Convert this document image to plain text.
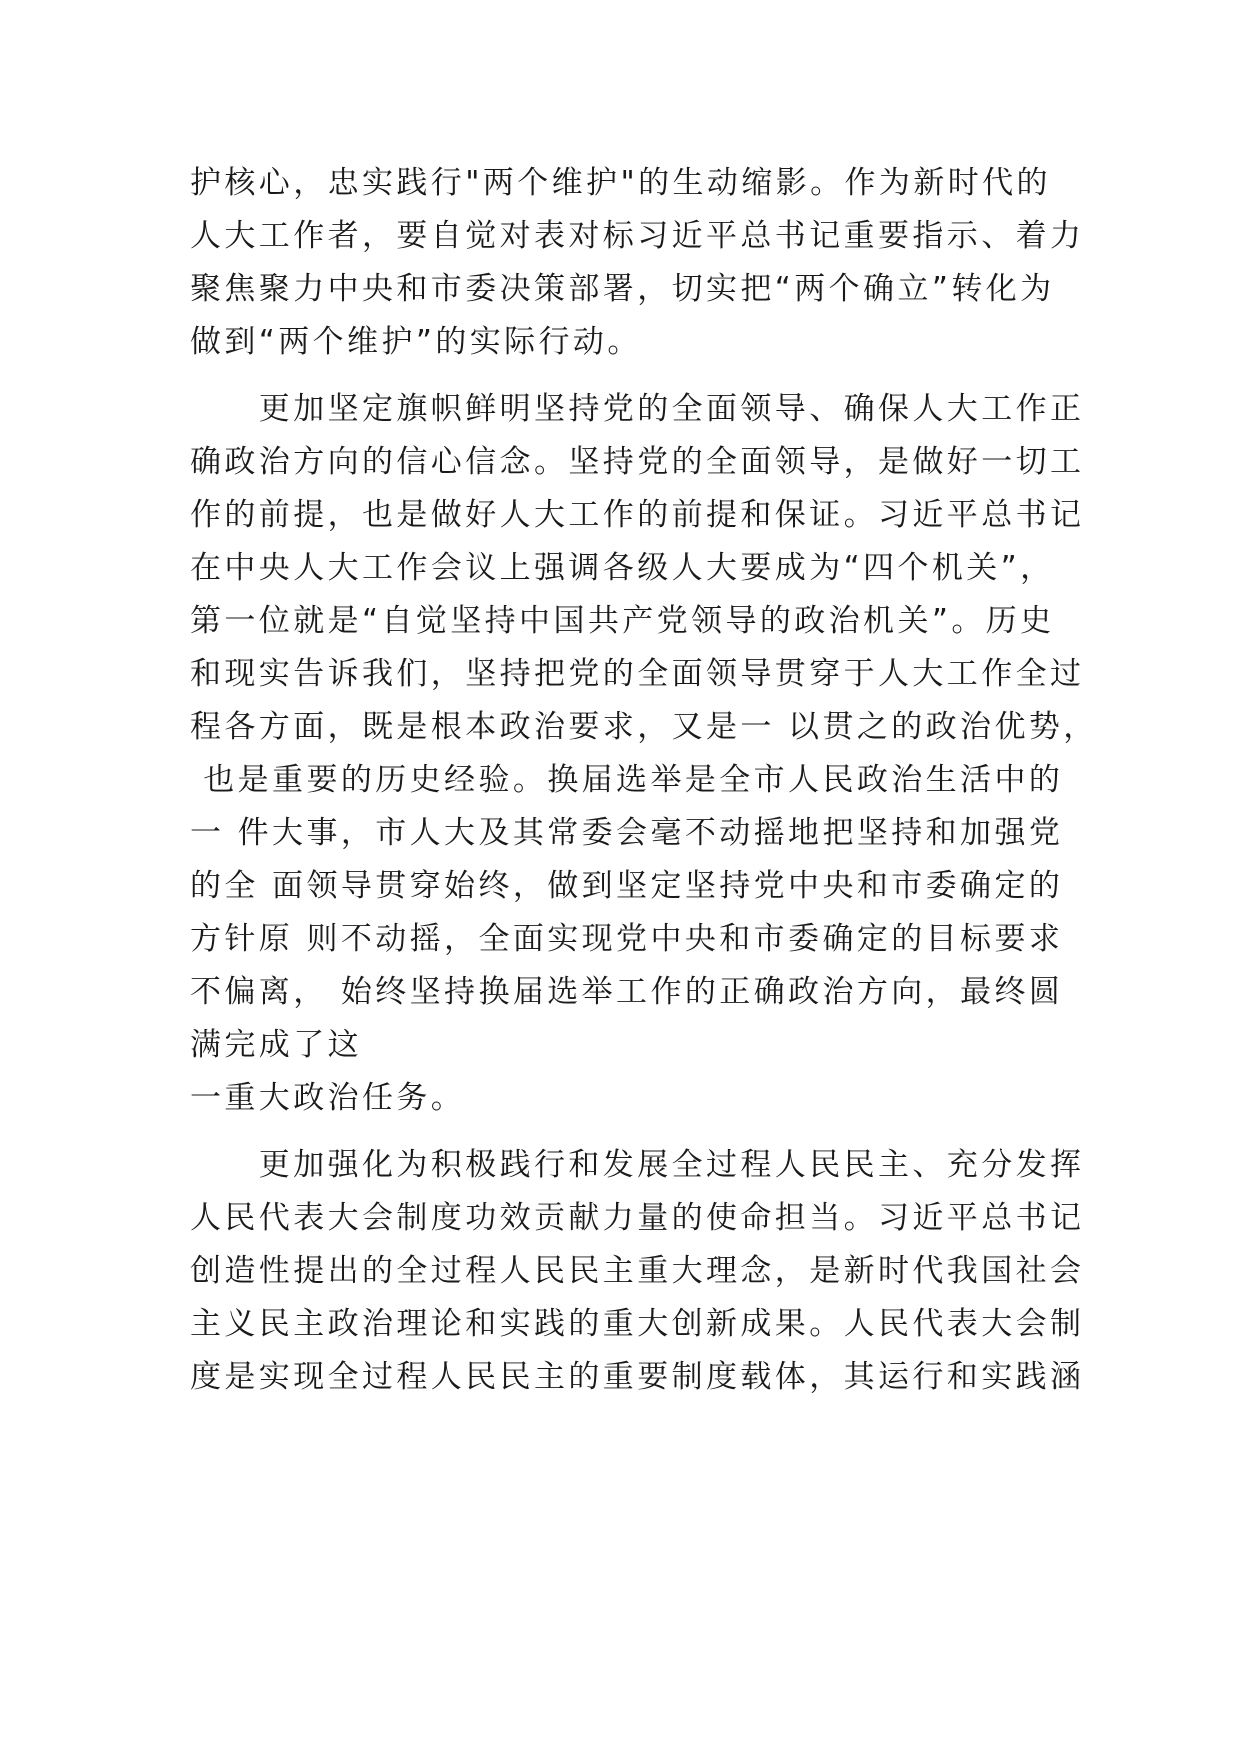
护核心，忠实践行"两个维护"的生动缩影。作为新时代的
人大工作者，要自觉对表对标习近平总书记重要指示、着力
聚焦聚力中央和市委决策部署，切实把“两个确立”转化为
做到“两个维护”的实际行动。
　　更加坚定旗帜鲜明坚持党的全面领导、确保人大工作正
确政治方向的信心信念。坚持党的全面领导，是做好一切工
作的前提，也是做好人大工作的前提和保证。习近平总书记
在中央人大工作会议上强调各级人大要成为“四个机关”，
第一位就是“自觉坚持中国共产党领导的政治机关”。历史
和现实告诉我们，坚持把党的全面领导贯穿于人大工作全过
程各方面，既是根本政治要求，又是一 以贯之的政治优势，
也是重要的历史经验。换届选举是全市人民政治生活中的
一 件大事，市人大及其常委会毫不动摇地把坚持和加强党
的全 面领导贯穿始终，做到坚定坚持党中央和市委确定的
方针原 则不动摇，全面实现党中央和市委确定的目标要求
不偏离， 始终坚持换届选举工作的正确政治方向，最终圆
满完成了这
一重大政治任务。
　　更加强化为积极践行和发展全过程人民民主、充分发挥
人民代表大会制度功效贡献力量的使命担当。习近平总书记
创造性提出的全过程人民民主重大理念，是新时代我国社会
主义民主政治理论和实践的重大创新成果。人民代表大会制
度是实现全过程人民民主的重要制度载体，其运行和实践涵
